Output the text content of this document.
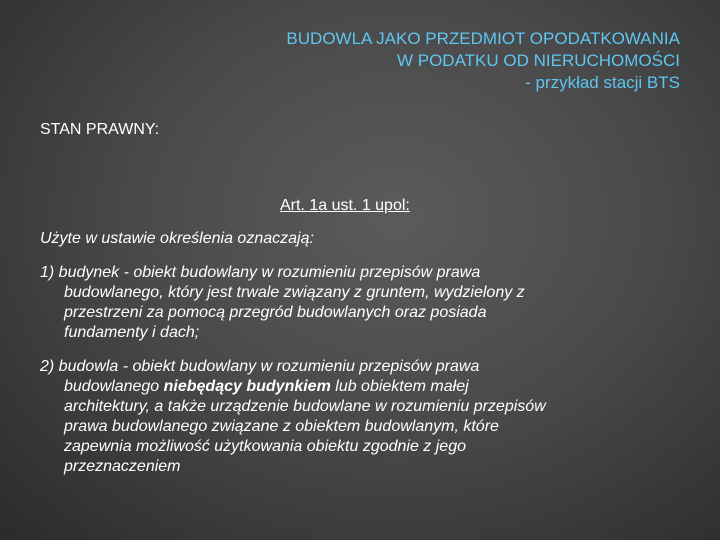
BUDOWLA JAKO PRZEDMIOT OPODATKOWANIA
W PODATKU OD NIERUCHOMOŚCI
- przykład stacji BTS
STAN PRAWNY:
Art. 1a ust. 1 upol:
Użyte w ustawie określenia oznaczają:
1) budynek - obiekt budowlany w rozumieniu przepisów prawa
budowlanego, który jest trwale związany z gruntem, wydzielony z
przestrzeni za pomocą przegród budowlanych oraz posiada
fundamenty i dach;
2) budowla - obiekt budowlany w rozumieniu przepisów prawa
budowlanego niebędący budynkiem lub obiektem małej
architektury, a także urządzenie budowlane w rozumieniu przepisów
prawa budowlanego związane z obiektem budowlanym, które
zapewnia możliwość użytkowania obiektu zgodnie z jego
przeznaczeniem
